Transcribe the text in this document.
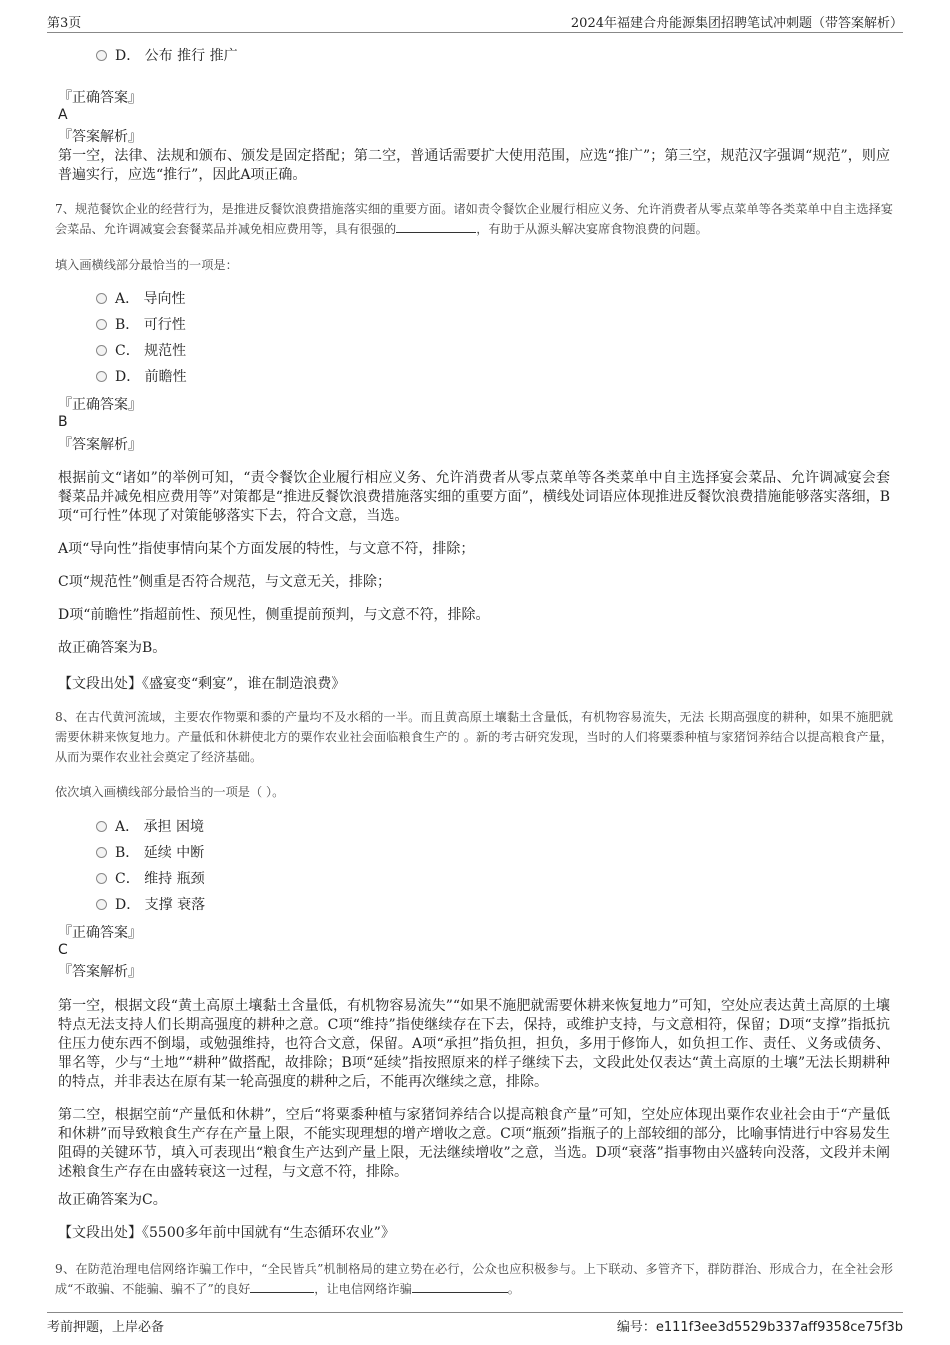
第3页	2024年福建合舟能源集团招聘笔试冲刺题（带答案解析）
D． 公布 推行 推广
『正确答案』
A
『答案解析』
第一空，法律、法规和颁布、颁发是固定搭配；第二空，普通话需要扩大使用范围，应选“推广”；第三空，规范汉字强调“规范”，则应普遍实行，应选“推行”，因此A项正确。
7、规范餐饮企业的经营行为，是推进反餐饮浪费措施落实细的重要方面。诸如责令餐饮企业履行相应义务、允许消费者从零点菜单等各类菜单中自主选择宴会菜品、允许调减宴会套餐菜品并减免相应费用等，具有很强的	，有助于从源头解决宴席食物浪费的问题。
填入画横线部分最恰当的一项是：
A． 导向性
B． 可行性
C． 规范性
D． 前瞻性
『正确答案』
B
『答案解析』
根据前文“诸如”的举例可知，“责令餐饮企业履行相应义务、允许消费者从零点菜单等各类菜单中自主选择宴会菜品、允许调减宴会套餐菜品并减免相应费用等”对策都是“推进反餐饮浪费措施落实细的重要方面”，横线处词语应体现推进反餐饮浪费措施能够落实落细，B项“可行性”体现了对策能够落实下去，符合文意，当选。
A项“导向性”指使事情向某个方面发展的特性，与文意不符，排除；
C项“规范性”侧重是否符合规范，与文意无关，排除；
D项“前瞻性”指超前性、预见性，侧重提前预判，与文意不符，排除。
故正确答案为B。
【文段出处】《盛宴变“剩宴”，谁在制造浪费》
8、在古代黄河流域，主要农作物粟和黍的产量均不及水稻的一半。而且黄高原土壤黏土含量低，有机物容易流失，无法 长期高强度的耕种，如果不施肥就需要休耕来恢复地力。产量低和休耕使北方的粟作农业社会面临粮食生产的 。新的考古研究发现，当时的人们将粟黍种植与家猪饲养结合以提高粮食产量，从而为粟作农业社会奠定了经济基础。
依次填入画横线部分最恰当的一项是（ ）。
A． 承担 困境
B． 延续 中断
C． 维持 瓶颈
D． 支撑 衰落
『正确答案』
C
『答案解析』
第一空，根据文段“黄土高原土壤黏土含量低，有机物容易流失”“如果不施肥就需要休耕来恢复地力”可知，空处应表达黄土高原的土壤特点无法支持人们长期高强度的耕种之意。C项“维持”指使继续存在下去，保持，或维护支持，与文意相符，保留；D项“支撑”指抵抗住压力使东西不倒塌，或勉强维持，也符合文意，保留。A项“承担”指负担，担负，多用于修饰人，如负担工作、责任、义务或债务、罪名等，少与“土地”“耕种”做搭配，故排除；B项“延续”指按照原来的样子继续下去，文段此处仅表达“黄土高原的土壤”无法长期耕种的特点，并非表达在原有某一轮高强度的耕种之后，不能再次继续之意，排除。
第二空，根据空前“产量低和休耕”，空后“将粟黍种植与家猪饲养结合以提高粮食产量”可知，空处应体现出粟作农业社会由于“产量低和休耕”而导致粮食生产存在产量上限，不能实现理想的增产增收之意。C项“瓶颈”指瓶子的上部较细的部分，比喻事情进行中容易发生阻碍的关键环节，填入可表现出“粮食生产达到产量上限，无法继续增收”之意，当选。D项“衰落”指事物由兴盛转向没落，文段并未阐述粮食生产存在由盛转衰这一过程，与文意不符，排除。
故正确答案为C。
【文段出处】《5500多年前中国就有“生态循环农业”》
9、在防范治理电信网络诈骗工作中，“全民皆兵”机制格局的建立势在必行，公众也应积极参与。上下联动、多管齐下，群防群治、形成合力，在全社会形成“不敢骗、不能骗、骗不了”的良好	，让电信网络诈骗	。
考前押题，上岸必备	编号：e111f3ee3d5529b337aff9358ce75f3b
